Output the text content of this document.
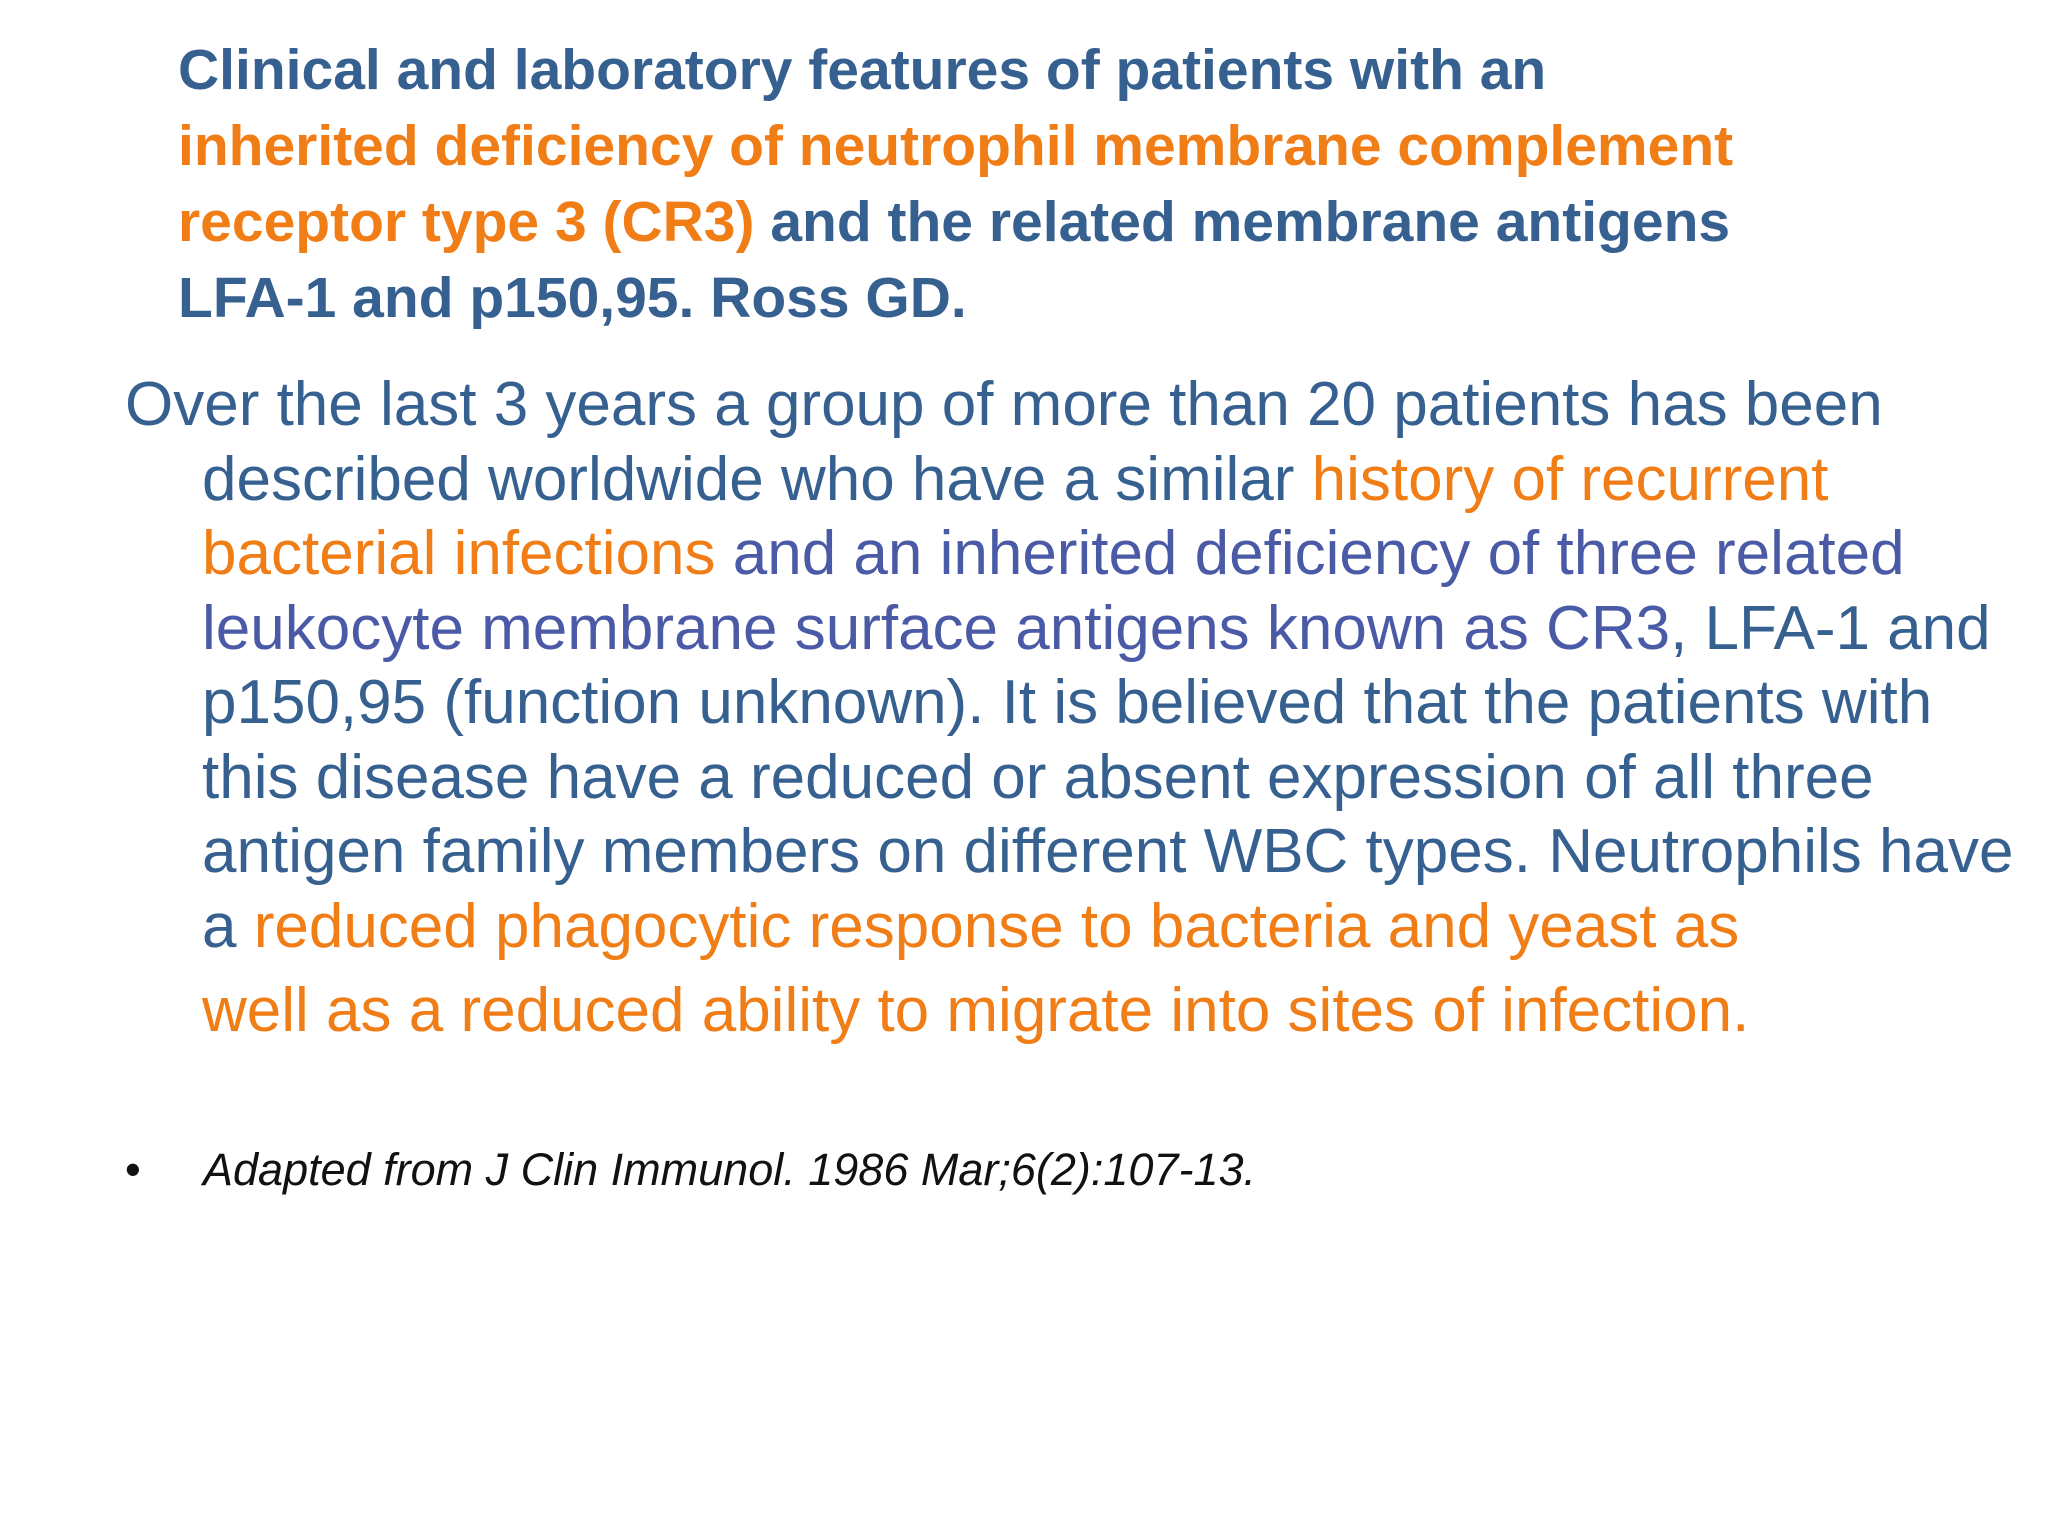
Clinical and laboratory features of patients with an inherited deficiency of neutrophil membrane complement receptor type 3 (CR3) and the related membrane antigens LFA-1 and p150,95. Ross GD.

Over the last 3 years a group of more than 20 patients has been described worldwide who have a similar history of recurrent bacterial infections and an inherited deficiency of three related leukocyte membrane surface antigens known as CR3, LFA-1 and p150,95 (function unknown). It is believed that the patients with this disease have a reduced or absent expression of all three antigen family members on different WBC types. Neutrophils have a reduced phagocytic response to bacteria and yeast as
well as a reduced ability to migrate into sites of infection.

• Adapted from J Clin Immunol. 1986 Mar;6(2):107-13.
